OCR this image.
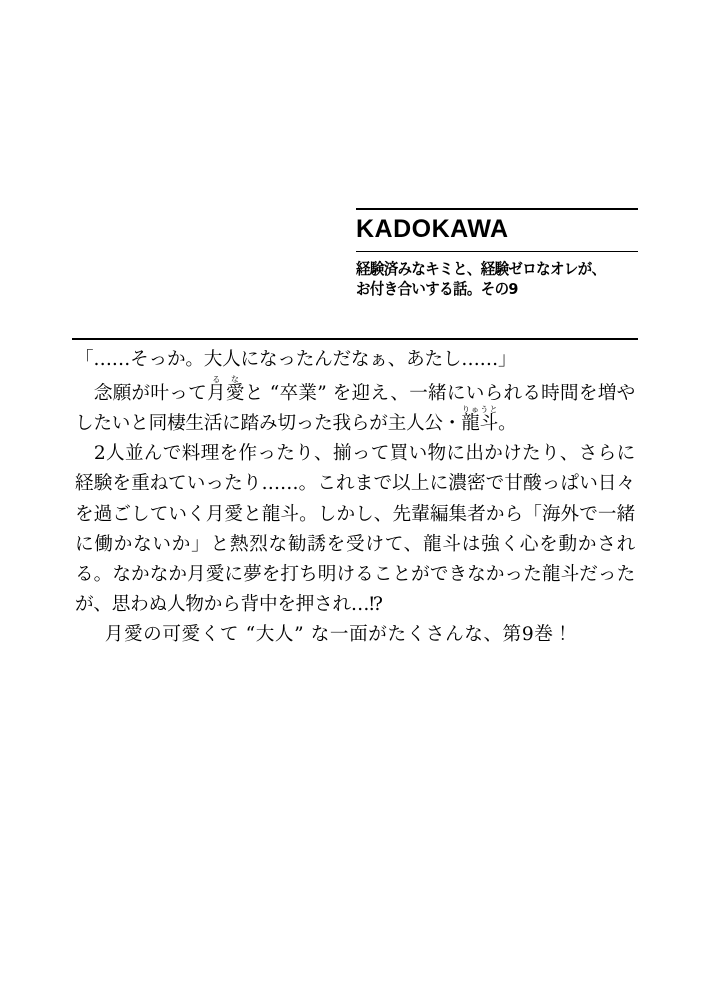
KADOKAWA
経験済みなキミと、経験ゼロなオレが、
お付き合いする話。その9

「……そっか。大人になったんだなぁ、あたし……」

　念願が叶って月愛るなと “卒業” を迎え、一緒にいられる時間を増やしたいと同棲生活に踏み切った我らが主人公・龍斗りゅうと。

　2人並んで料理を作ったり、揃って買い物に出かけたり、さらに経験を重ねていったり……。これまで以上に濃密で甘酸っぱい日々を過ごしていく月愛と龍斗。しかし、先輩編集者から「海外で一緒に働かないか」と熱烈な勧誘を受けて、龍斗は強く心を動かされる。なかなか月愛に夢を打ち明けることができなかった龍斗だったが、思わぬ人物から背中を押され…⁉

月愛の可愛くて “大人” な一面がたくさんな、第9巻！
